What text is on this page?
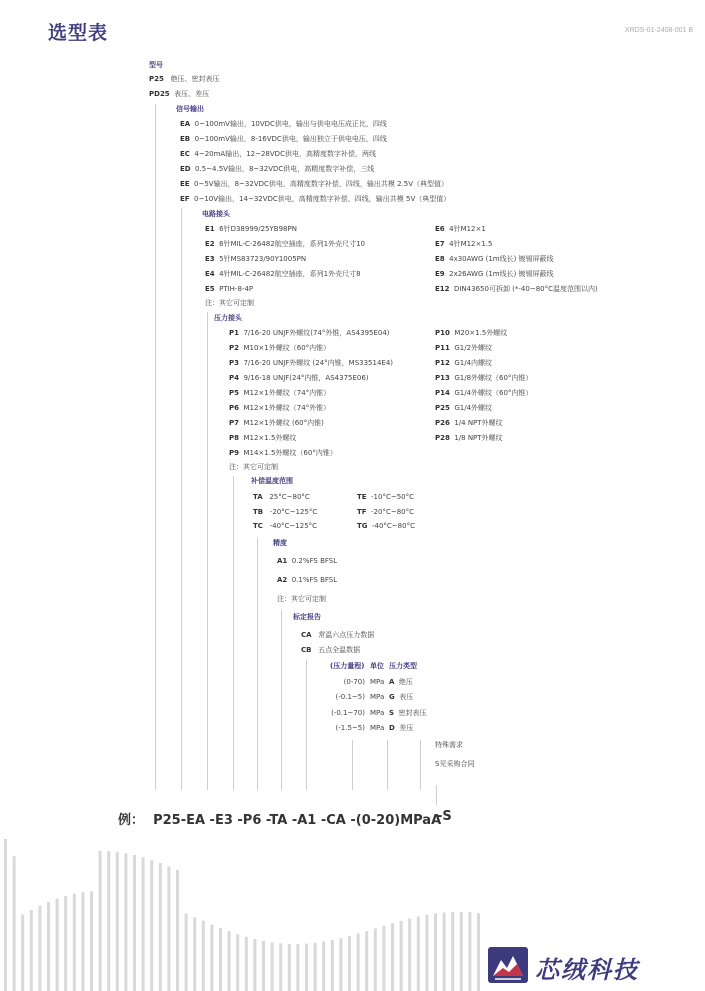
选型表	XRDS-01-2408-001 B
型号
P25 绝压、密封表压
PD25 表压、差压
信号输出
EA 0~100mV输出，10VDC供电，输出与供电电压成正比，四线
EB 0~100mV输出，8-16VDC供电，输出独立于供电电压，四线
EC 4~20mA输出，12~28VDC供电，高精度数字补偿，两线
ED 0.5~4.5V输出，8~32VDC供电，高精度数字补偿，三线
EE 0~5V输出，8~32VDC供电，高精度数字补偿，四线，输出共模 2.5V（典型值）
EF 0~10V输出，14~32VDC供电，高精度数字补偿，四线，输出共模 5V（典型值）
电路接头
E1 6针D38999/25YB98PN
E2 6针MIL-C-26482航空插座，系列1外壳尺寸10
E3 5针MS83723/90Y1005PN
E4 4针MIL-C-26482航空插座，系列1外壳尺寸8
E5 PTIH-8-4P
E6 4针M12×1
E7 4针M12×1.5
E8 4x30AWG (1m线长) 镀锡屏蔽线
E9 2x26AWG (1m线长) 镀锡屏蔽线
E12 DIN43650可拆卸 (*-40~80°C温度范围以内)
注：其它可定制
压力接头
P1 7/16-20 UNJF外螺纹(74°外锥，AS4395E04)
P2 M10×1外螺纹（60°内锥）
P3 7/16-20 UNJF外螺纹 (24°内锥，MS33514E4)
P4 9/16-18 UNJF(24°内锥，AS4375E06)
P5 M12×1外螺纹（74°内锥）
P6 M12×1外螺纹（74°外锥）
P7 M12×1外螺纹 (60°内锥)
P8 M12×1.5外螺纹
P9 M14×1.5外螺纹（60°内锥）
P10 M20×1.5外螺纹
P11 G1/2外螺纹
P12 G1/4内螺纹
P13 G1/8外螺纹（60°内锥）
P14 G1/4外螺纹（60°内锥）
P25 G1/4外螺纹
P26 1/4 NPT外螺纹
P28 1/8 NPT外螺纹
注：其它可定制
补偿温度范围
TA 25°C~80°C
TB -20°C~125°C
TC -40°C~125°C
TE -10°C~50°C
TF -20°C~80°C
TG -40°C~80°C
精度
A1 0.2%FS BFSL
A2 0.1%FS BFSL
注：其它可定制
标定报告
CA 常温六点压力数据
CB 五点全温数据
(压力量程) 单位 压力类型
(0-70) MPa A 绝压
(-0.1~5) MPa G 表压
(-0.1~70) MPa S 密封表压
(-1.5~5) MPa D 差压
特殊需求
S见采购合同
例： P25-EA -E3 -P6 -TA -A1 -CA -(0-20)MPaA
-S
芯绒科技
